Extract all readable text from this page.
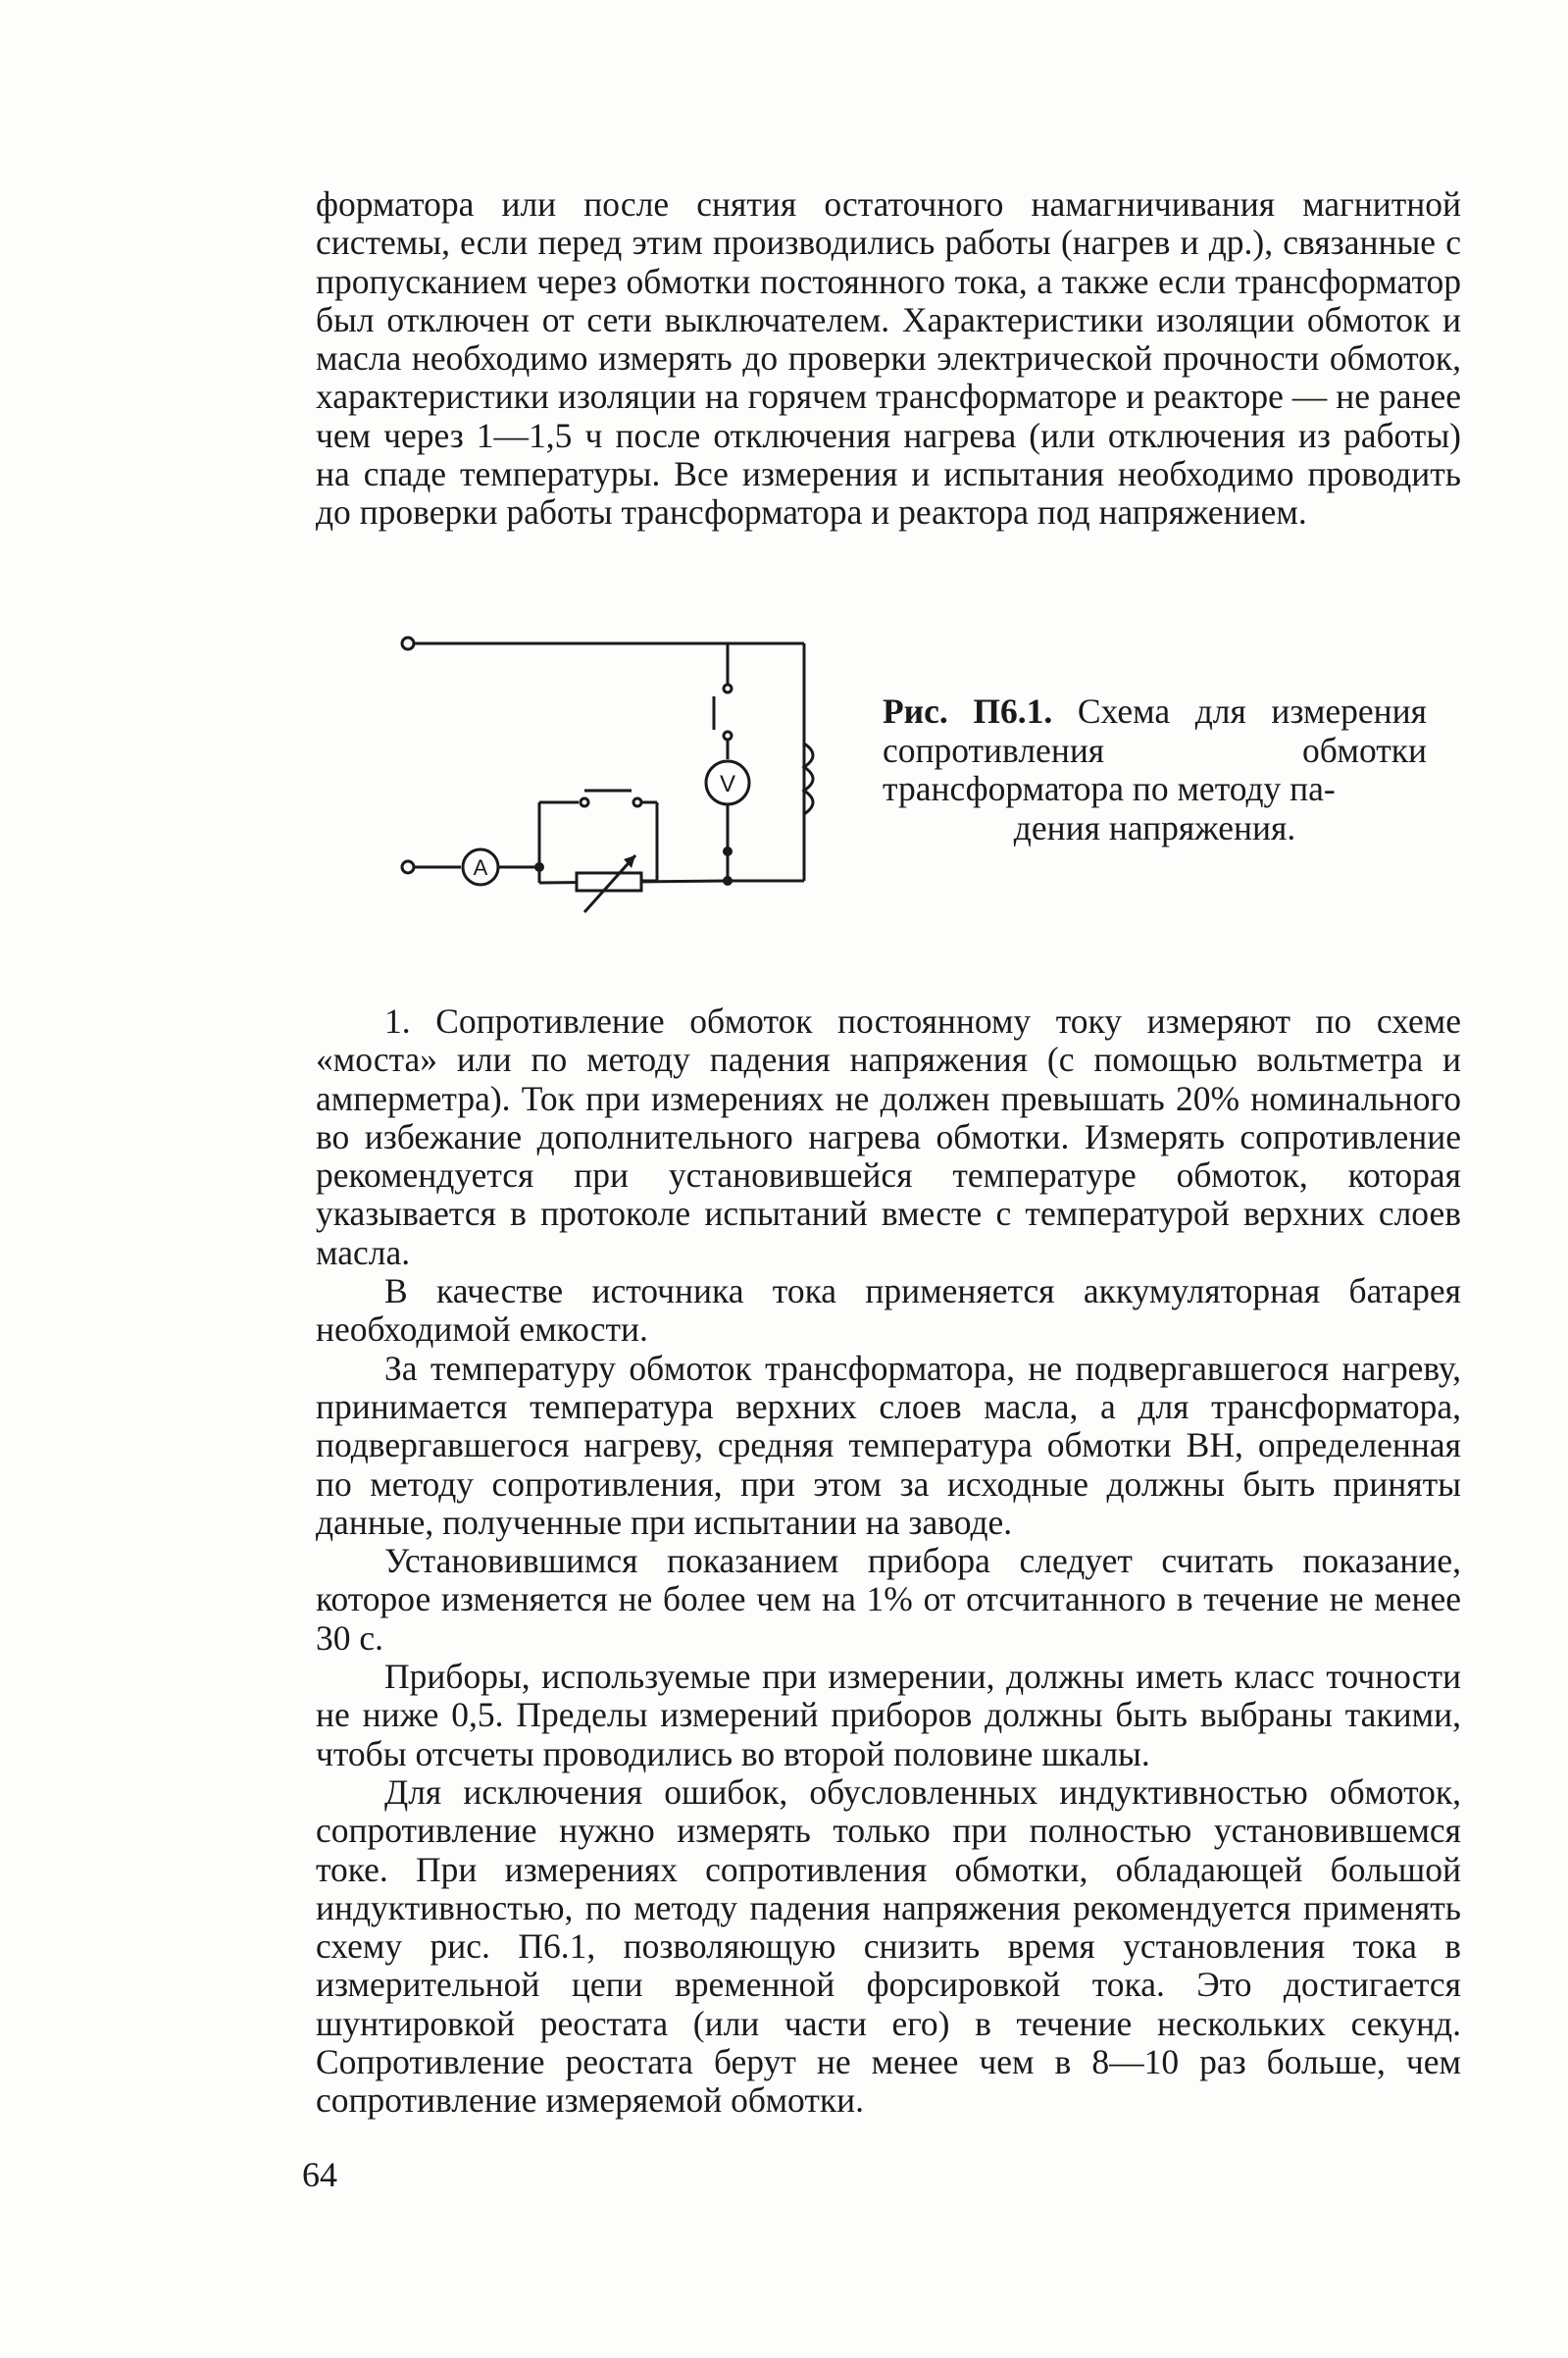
форматора или после снятия остаточного намагничивания магнитной системы, если перед этим производились работы (нагрев и др.), связанные с пропусканием через обмотки постоянного тока, а также если трансформатор был отключен от сети выключателем. Характеристики изоляции обмоток и масла необходимо измерять до проверки электрической прочности обмоток, характеристики изоляции на горячем трансформаторе и реакторе — не ранее чем через 1—1,5 ч после отключения нагрева (или отключения из работы) на спаде температуры. Все измерения и испытания необходимо проводить до проверки работы трансформатора и реактора под напряжением.

V
A
Рис. П6.1. Схема для измерения сопротивления обмотки трансформатора по методу па-
дения напряжения.

1. Сопротивление обмоток постоянному току измеряют по схеме «моста» или по методу падения напряжения (с помощью вольтметра и амперметра). Ток при измерениях не должен превышать 20% номинального во избежание дополнительного нагрева обмотки. Измерять сопротивление рекомендуется при установившейся температуре обмоток, которая указывается в протоколе испытаний вместе с температурой верхних слоев масла.

В качестве источника тока применяется аккумуляторная батарея необходимой емкости.

За температуру обмоток трансформатора, не подвергавшегося нагреву, принимается температура верхних слоев масла, а для трансформатора, подвергавшегося нагреву, средняя температура обмотки ВН, определенная по методу сопротивления, при этом за исходные должны быть приняты данные, полученные при испытании на заводе.

Установившимся показанием прибора следует считать показание, которое изменяется не более чем на 1% от отсчитанного в течение не менее 30 с.

Приборы, используемые при измерении, должны иметь класс точности не ниже 0,5. Пределы измерений приборов должны быть выбраны такими, чтобы отсчеты проводились во второй половине шкалы.

Для исключения ошибок, обусловленных индуктивностью обмоток, сопротивление нужно измерять только при полностью установившемся токе. При измерениях сопротивления обмотки, обладающей большой индуктивностью, по методу падения напряжения рекомендуется применять схему рис. П6.1, позволяющую снизить время установления тока в измерительной цепи временной форсировкой тока. Это достигается шунтировкой реостата (или части его) в течение нескольких секунд. Сопротивление реостата берут не менее чем в 8—10 раз больше, чем сопротивление измеряемой обмотки.

64
